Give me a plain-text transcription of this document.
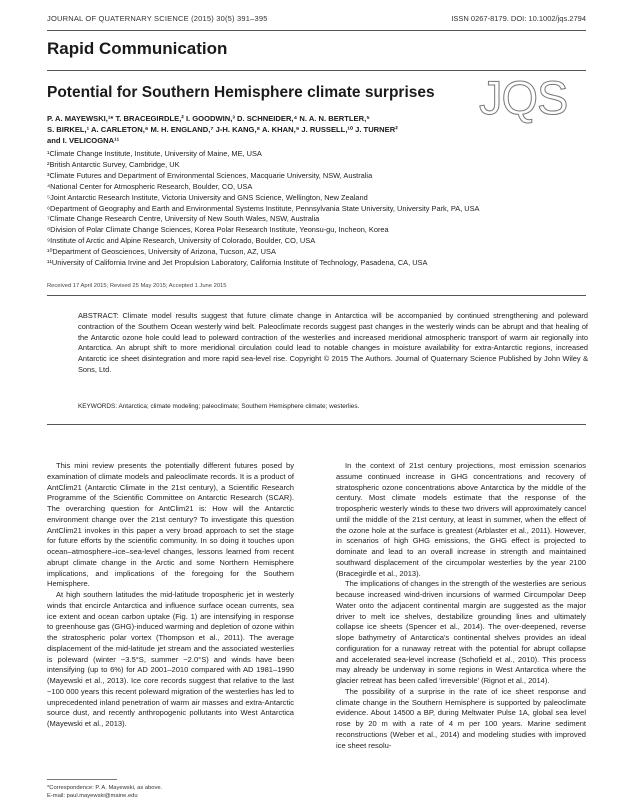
JOURNAL OF QUATERNARY SCIENCE (2015) 30(5) 391–395	ISSN 0267-8179. DOI: 10.1002/jqs.2794
Rapid Communication
Potential for Southern Hemisphere climate surprises JQS
P. A. MAYEWSKI,¹* T. BRACEGIRDLE,² I. GOODWIN,³ D. SCHNEIDER,⁴ N. A. N. BERTLER,⁵
S. BIRKEL,¹ A. CARLETON,⁶ M. H. ENGLAND,⁷ J-H. KANG,⁸ A. KHAN,⁹ J. RUSSELL,¹⁰ J. TURNER²
and I. VELICOGNA¹¹
¹Climate Change Institute, Institute, University of Maine, ME, USA
²British Antarctic Survey, Cambridge, UK
³Climate Futures and Department of Environmental Sciences, Macquarie University, NSW, Australia
⁴National Center for Atmospheric Research, Boulder, CO, USA
⁵Joint Antarctic Research Institute, Victoria University and GNS Science, Wellington, New Zealand
⁶Department of Geography and Earth and Environmental Systems Institute, Pennsylvania State University, University Park, PA, USA
⁷Climate Change Research Centre, University of New South Wales, NSW, Australia
⁸Division of Polar Climate Change Sciences, Korea Polar Research Institute, Yeonsu-gu, Incheon, Korea
⁹Institute of Arctic and Alpine Research, University of Colorado, Boulder, CO, USA
¹⁰Department of Geosciences, University of Arizona, Tucson, AZ, USA
¹¹University of California Irvine and Jet Propulsion Laboratory, California Institute of Technology, Pasadena, CA, USA
Received 17 April 2015; Revised 25 May 2015; Accepted 1 June 2015
ABSTRACT: Climate model results suggest that future climate change in Antarctica will be accompanied by continued strengthening and poleward contraction of the Southern Ocean westerly wind belt. Paleoclimate records suggest past changes in the westerly winds can be abrupt and that healing of the Antarctic ozone hole could lead to poleward contraction of the westerlies and increased meridional atmospheric transport of warm air regionally into Antarctica. An abrupt shift to more meridional circulation could lead to notable changes in moisture availability for extra-Antarctic regions, increased Antarctic ice sheet disintegration and more rapid sea-level rise. Copyright © 2015 The Authors. Journal of Quaternary Science Published by John Wiley & Sons, Ltd.
KEYWORDS: Antarctica; climate modeling; paleoclimate; Southern Hemisphere climate; westerlies.

This mini review presents the potentially different futures posed by examination of climate models and paleoclimate records. It is a product of AntClim21 (Antarctic Climate in the 21st century), a Scientific Research Programme of the Scientific Committee on Antarctic Research (SCAR). The overarching question for AntClim21 is: How will the Antarctic environment change over the 21st century? To investigate this question AntClim21 invokes in this paper a very broad approach to set the stage for future efforts by the scientific community. In so doing it touches upon ocean–atmosphere–ice–sea-level changes, lessons learned from recent abrupt climate change in the Arctic and some Northern Hemisphere implications, and implications of the foregoing for the Southern Hemisphere.

At high southern latitudes the mid-latitude tropospheric jet in westerly winds that encircle Antarctica and influence surface ocean currents, sea ice extent and ocean carbon uptake (Fig. 1) are intensifying in response to greenhouse gas (GHG)-induced warming and depletion of ozone within the stratospheric polar vortex (Thompson et al., 2011). The average displacement of the mid-latitude jet stream and the associated westerlies is poleward (winter ~3.5°S, summer ~2.0°S) and winds have been intensifying (up to 6%) for AD 2001–2010 compared with AD 1981–1990 (Mayewski et al., 2013). Ice core records suggest that relative to the last ~100 000 years this recent poleward migration of the westerlies has led to unprecedented inland penetration of warm air masses and extra-Antarctic source dust, and recently anthropogenic pollutants into West Antarctica (Mayewski et al., 2013).

In the context of 21st century projections, most emission scenarios assume continued increase in GHG concentrations and recovery of stratospheric ozone concentrations above Antarctica by the middle of the century. Most climate models estimate that the response of the tropospheric westerly winds to these two drivers will approximately cancel until the middle of the 21st century, at least in summer, when the effect of the ozone hole at the surface is greatest (Arblaster et al., 2011). However, in scenarios of high GHG emissions, the GHG effect is projected to dominate and lead to an overall increase in strength and maintained southward displacement of the circumpolar westerlies by the year 2100 (Bracegirdle et al., 2013).

The implications of changes in the strength of the westerlies are serious because increased wind-driven incursions of warmed Circumpolar Deep Water onto the adjacent continental margin are suggested as the major driver to melt ice shelves, destabilize grounding lines and ultimately collapse ice sheets (Spencer et al., 2014). The over-deepened, reverse slope bathymetry of Antarctica's continental shelves provides an ideal configuration for a runaway retreat with the potential for abrupt collapse and accelerated sea-level increase (Schofield et al., 2010). This process may already be underway in some regions in West Antarctica where the glacier retreat has been called 'irreversible' (Rignot et al., 2014).

The possibility of a surprise in the rate of ice sheet response and climate change in the Southern Hemisphere is supported by paleoclimate evidence. About 14500 a BP, during Meltwater Pulse 1A, global sea level rose by 20 m with a rate of 4 m per 100 years. Marine sediment reconstructions (Weber et al., 2014) and modeling studies with improved ice sheet resolu-

*Correspondence: P. A. Mayewski, as above.
E-mail: paul.mayewski@maine.edu
